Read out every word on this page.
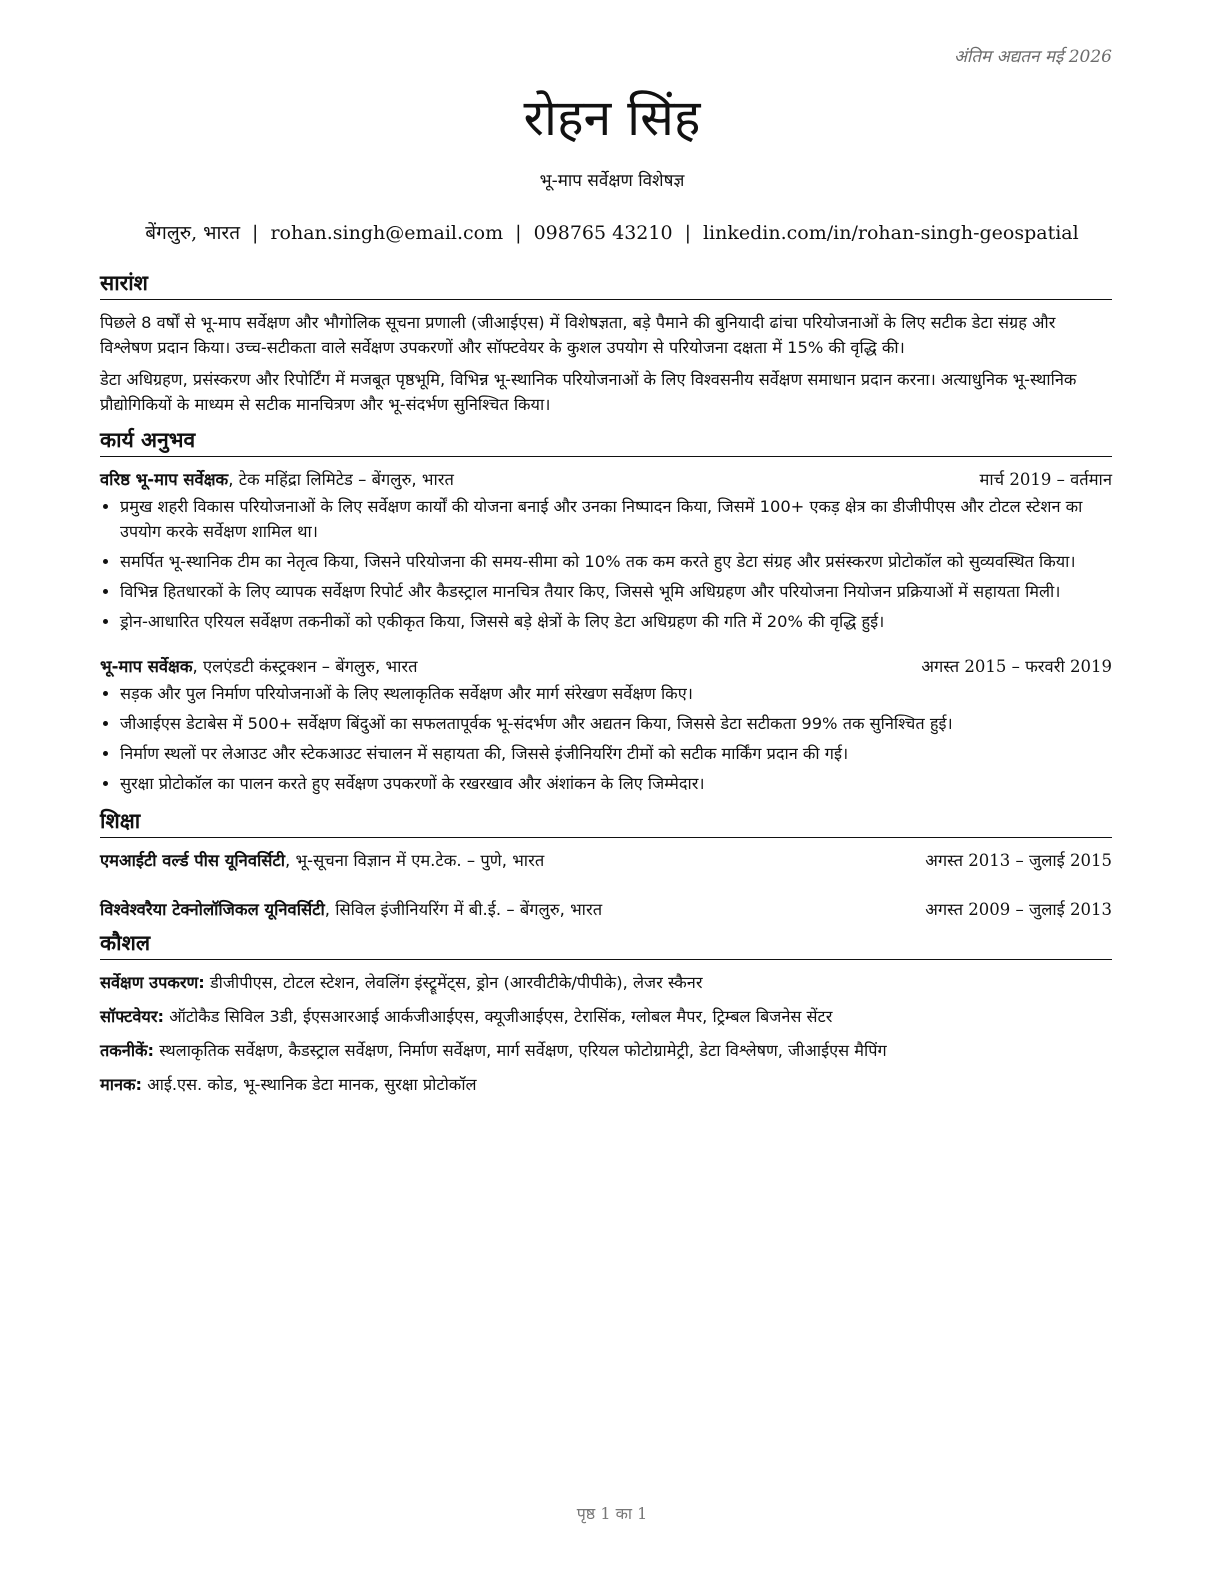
अंतिम अद्यतन मई 2026
रोहन सिंह
भू-माप सर्वेक्षण विशेषज्ञ
बेंगलुरु, भारत | rohan.singh@email.com | 098765 43210 | linkedin.com/in/rohan-singh-geospatial
सारांश

पिछले 8 वर्षों से भू-माप सर्वेक्षण और भौगोलिक सूचना प्रणाली (जीआईएस) में विशेषज्ञता, बड़े पैमाने की बुनियादी ढांचा परियोजनाओं के लिए सटीक डेटा संग्रह और विश्लेषण प्रदान किया। उच्च-सटीकता वाले सर्वेक्षण उपकरणों और सॉफ्टवेयर के कुशल उपयोग से परियोजना दक्षता में 15% की वृद्धि की।

डेटा अधिग्रहण, प्रसंस्करण और रिपोर्टिंग में मजबूत पृष्ठभूमि, विभिन्न भू-स्थानिक परियोजनाओं के लिए विश्वसनीय सर्वेक्षण समाधान प्रदान करना। अत्याधुनिक भू-स्थानिक प्रौद्योगिकियों के माध्यम से सटीक मानचित्रण और भू-संदर्भण सुनिश्चित किया।

कार्य अनुभव
वरिष्ठ भू-माप सर्वेक्षक, टेक महिंद्रा लिमिटेड – बेंगलुरु, भारत	मार्च 2019 – वर्तमान
• प्रमुख शहरी विकास परियोजनाओं के लिए सर्वेक्षण कार्यों की योजना बनाई और उनका निष्पादन किया, जिसमें 100+ एकड़ क्षेत्र का डीजीपीएस और टोटल स्टेशन का उपयोग करके सर्वेक्षण शामिल था।
• समर्पित भू-स्थानिक टीम का नेतृत्व किया, जिसने परियोजना की समय-सीमा को 10% तक कम करते हुए डेटा संग्रह और प्रसंस्करण प्रोटोकॉल को सुव्यवस्थित किया।
• विभिन्न हितधारकों के लिए व्यापक सर्वेक्षण रिपोर्ट और कैडस्ट्राल मानचित्र तैयार किए, जिससे भूमि अधिग्रहण और परियोजना नियोजन प्रक्रियाओं में सहायता मिली।
• ड्रोन-आधारित एरियल सर्वेक्षण तकनीकों को एकीकृत किया, जिससे बड़े क्षेत्रों के लिए डेटा अधिग्रहण की गति में 20% की वृद्धि हुई।
भू-माप सर्वेक्षक, एलएंडटी कंस्ट्रक्शन – बेंगलुरु, भारत	अगस्त 2015 – फरवरी 2019
• सड़क और पुल निर्माण परियोजनाओं के लिए स्थलाकृतिक सर्वेक्षण और मार्ग संरेखण सर्वेक्षण किए।
• जीआईएस डेटाबेस में 500+ सर्वेक्षण बिंदुओं का सफलतापूर्वक भू-संदर्भण और अद्यतन किया, जिससे डेटा सटीकता 99% तक सुनिश्चित हुई।
• निर्माण स्थलों पर लेआउट और स्टेकआउट संचालन में सहायता की, जिससे इंजीनियरिंग टीमों को सटीक मार्किंग प्रदान की गई।
• सुरक्षा प्रोटोकॉल का पालन करते हुए सर्वेक्षण उपकरणों के रखरखाव और अंशांकन के लिए जिम्मेदार।
शिक्षा
एमआईटी वर्ल्ड पीस यूनिवर्सिटी, भू-सूचना विज्ञान में एम.टेक. – पुणे, भारत	अगस्त 2013 – जुलाई 2015
विश्वेश्वरैया टेक्नोलॉजिकल यूनिवर्सिटी, सिविल इंजीनियरिंग में बी.ई. – बेंगलुरु, भारत	अगस्त 2009 – जुलाई 2013
कौशल
सर्वेक्षण उपकरण: डीजीपीएस, टोटल स्टेशन, लेवलिंग इंस्ट्रूमेंट्स, ड्रोन (आरवीटीके/पीपीके), लेजर स्कैनर
सॉफ्टवेयर: ऑटोकैड सिविल 3डी, ईएसआरआई आर्कजीआईएस, क्यूजीआईएस, टेरासिंक, ग्लोबल मैपर, ट्रिम्बल बिजनेस सेंटर
तकनीकें: स्थलाकृतिक सर्वेक्षण, कैडस्ट्राल सर्वेक्षण, निर्माण सर्वेक्षण, मार्ग सर्वेक्षण, एरियल फोटोग्रामेट्री, डेटा विश्लेषण, जीआईएस मैपिंग
मानक: आई.एस. कोड, भू-स्थानिक डेटा मानक, सुरक्षा प्रोटोकॉल
पृष्ठ 1 का 1
